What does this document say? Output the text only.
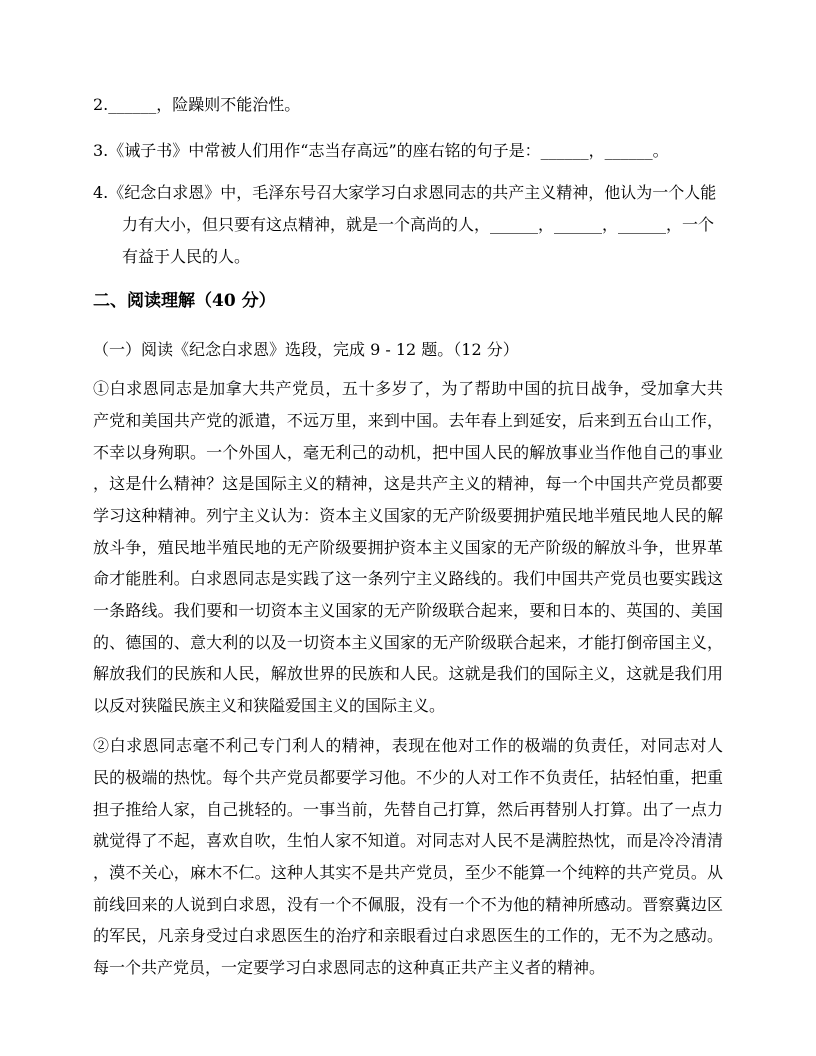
2.______，险躁则不能治性。
3.《诫子书》中常被人们用作“志当存高远”的座右铭的句子是：______，______。
4.《纪念白求恩》中，毛泽东号召大家学习白求恩同志的共产主义精神，他认为一个人能
力有大小，但只要有这点精神，就是一个高尚的人，______，______，______，一个
有益于人民的人。
二、阅读理解（40 分）
（一）阅读《纪念白求恩》选段，完成 9 - 12 题。（12 分）
①白求恩同志是加拿大共产党员，五十多岁了，为了帮助中国的抗日战争，受加拿大共
产党和美国共产党的派遣，不远万里，来到中国。去年春上到延安，后来到五台山工作，
不幸以身殉职。一个外国人，毫无利己的动机，把中国人民的解放事业当作他自己的事业
，这是什么精神？这是国际主义的精神，这是共产主义的精神，每一个中国共产党员都要
学习这种精神。列宁主义认为：资本主义国家的无产阶级要拥护殖民地半殖民地人民的解
放斗争，殖民地半殖民地的无产阶级要拥护资本主义国家的无产阶级的解放斗争，世界革
命才能胜利。白求恩同志是实践了这一条列宁主义路线的。我们中国共产党员也要实践这
一条路线。我们要和一切资本主义国家的无产阶级联合起来，要和日本的、英国的、美国
的、德国的、意大利的以及一切资本主义国家的无产阶级联合起来，才能打倒帝国主义，
解放我们的民族和人民，解放世界的民族和人民。这就是我们的国际主义，这就是我们用
以反对狭隘民族主义和狭隘爱国主义的国际主义。
②白求恩同志毫不利己专门利人的精神，表现在他对工作的极端的负责任，对同志对人
民的极端的热忱。每个共产党员都要学习他。不少的人对工作不负责任，拈轻怕重，把重
担子推给人家，自己挑轻的。一事当前，先替自己打算，然后再替别人打算。出了一点力
就觉得了不起，喜欢自吹，生怕人家不知道。对同志对人民不是满腔热忱，而是冷冷清清
，漠不关心，麻木不仁。这种人其实不是共产党员，至少不能算一个纯粹的共产党员。从
前线回来的人说到白求恩，没有一个不佩服，没有一个不为他的精神所感动。晋察冀边区
的军民，凡亲身受过白求恩医生的治疗和亲眼看过白求恩医生的工作的，无不为之感动。
每一个共产党员，一定要学习白求恩同志的这种真正共产主义者的精神。
